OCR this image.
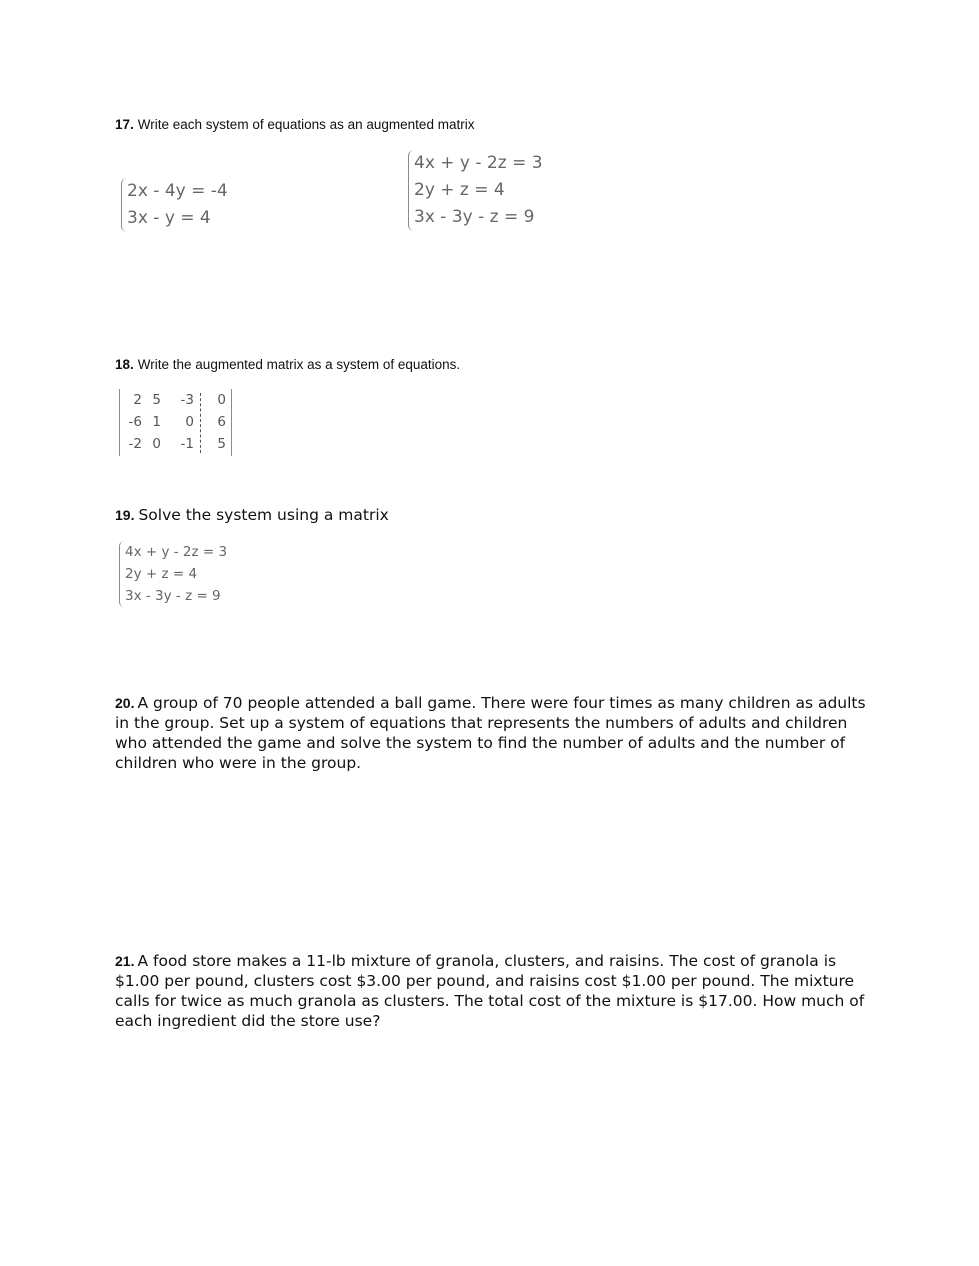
17. Write each system of equations as an augmented matrix
2x - 4y = -4
3x - y = 4
4x + y - 2z = 3
2y + z = 4
3x - 3y - z = 9
18. Write the augmented matrix as a system of equations.
2 5	-3	0
-6 1	0	6
-2 0	-1	5
19. Solve the system using a matrix
4x + y - 2z = 3
2y + z = 4
3x - 3y - z = 9
20. A group of 70 people attended a ball game. There were four times as many children as adults in the group. Set up a system of equations that represents the numbers of adults and children who attended the game and solve the system to find the number of adults and the number of children who were in the group.
21. A food store makes a 11-lb mixture of granola, clusters, and raisins. The cost of granola is $1.00 per pound, clusters cost $3.00 per pound, and raisins cost $1.00 per pound. The mixture calls for twice as much granola as clusters. The total cost of the mixture is $17.00. How much of each ingredient did the store use?
